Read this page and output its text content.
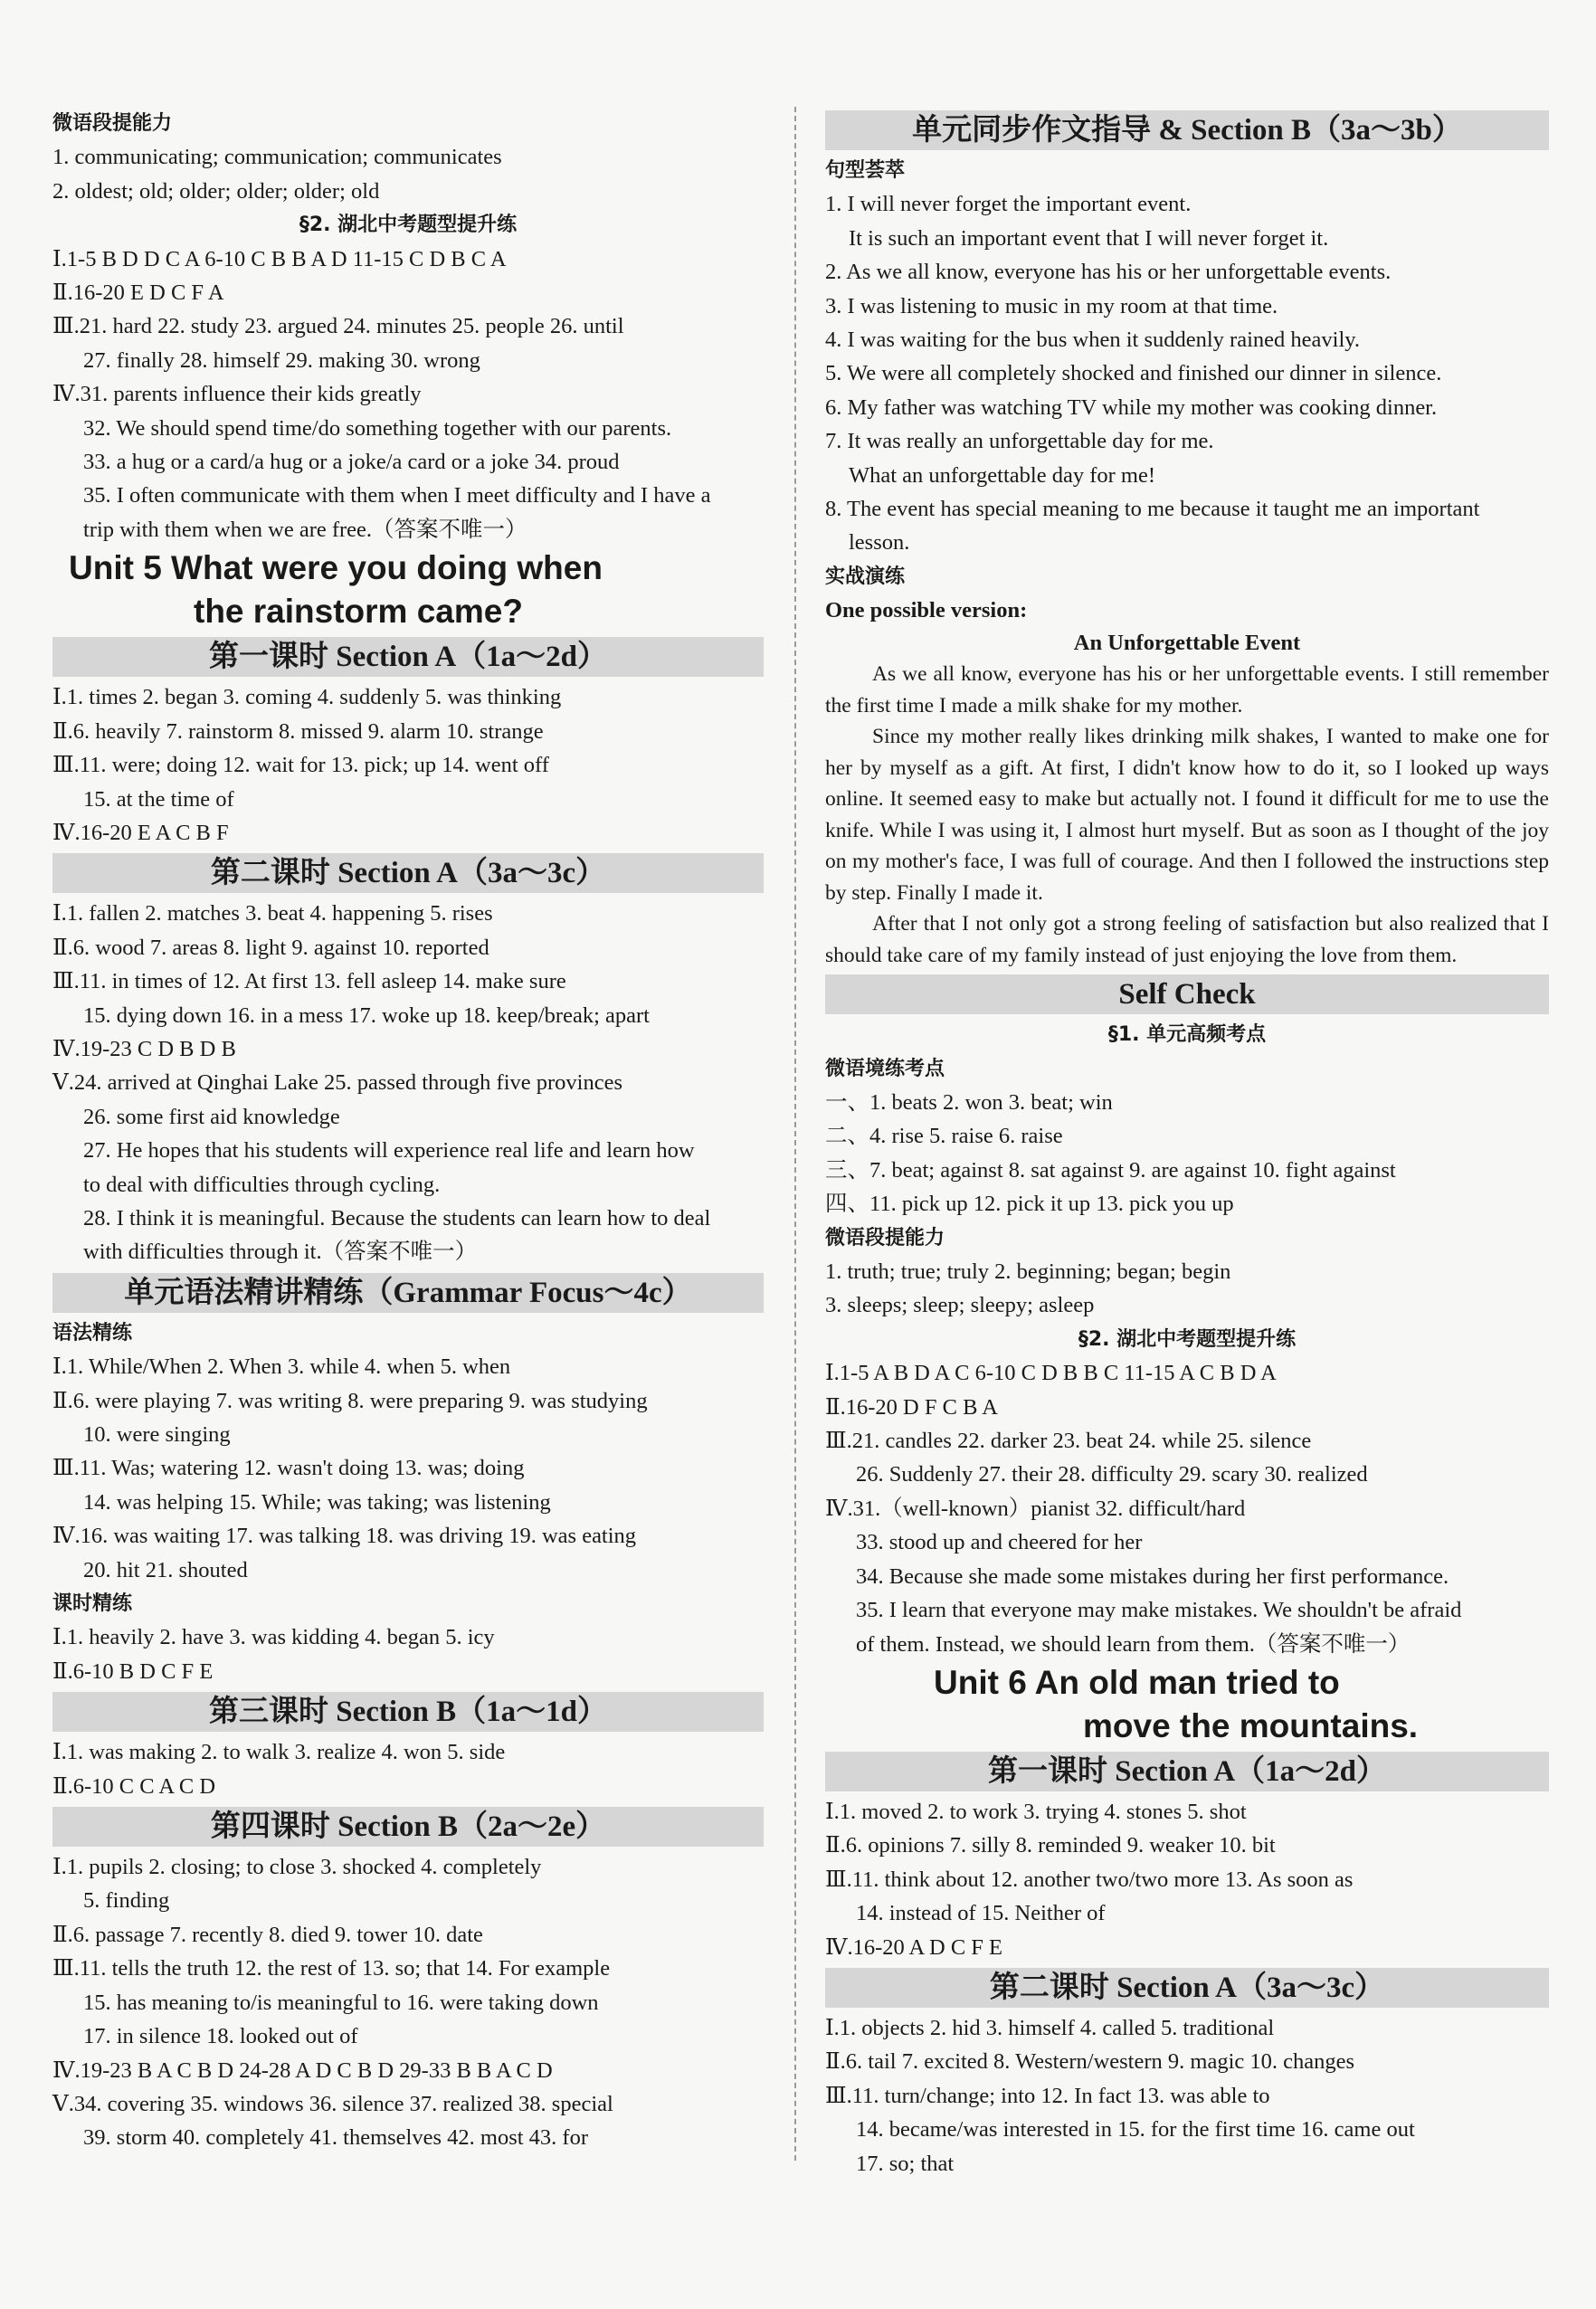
微语段提能力
1. communicating; communication; communicates
2. oldest; old; older; older; older; old
§2. 湖北中考题型提升练
Ⅰ.1-5 B D D C A 6-10 C B B A D 11-15 C D B C A
Ⅱ.16-20 E D C F A
Ⅲ.21. hard 22. study 23. argued 24. minutes 25. people 26. until
27. finally 28. himself 29. making 30. wrong
Ⅳ.31. parents influence their kids greatly
32. We should spend time/do something together with our parents.
33. a hug or a card/a hug or a joke/a card or a joke 34. proud
35. I often communicate with them when I meet difficulty and I have a
trip with them when we are free.（答案不唯一）
Unit 5 What were you doing when
the rainstorm came?
第一课时 Section A（1a～2d）
Ⅰ.1. times 2. began 3. coming 4. suddenly 5. was thinking
Ⅱ.6. heavily 7. rainstorm 8. missed 9. alarm 10. strange
Ⅲ.11. were; doing 12. wait for 13. pick; up 14. went off
15. at the time of
Ⅳ.16-20 E A C B F
第二课时 Section A（3a～3c）
Ⅰ.1. fallen 2. matches 3. beat 4. happening 5. rises
Ⅱ.6. wood 7. areas 8. light 9. against 10. reported
Ⅲ.11. in times of 12. At first 13. fell asleep 14. make sure
15. dying down 16. in a mess 17. woke up 18. keep/break; apart
Ⅳ.19-23 C D B D B
Ⅴ.24. arrived at Qinghai Lake 25. passed through five provinces
26. some first aid knowledge
27. He hopes that his students will experience real life and learn how
to deal with difficulties through cycling.
28. I think it is meaningful. Because the students can learn how to deal
with difficulties through it.（答案不唯一）
单元语法精讲精练（Grammar Focus～4c）
语法精练
Ⅰ.1. While/When 2. When 3. while 4. when 5. when
Ⅱ.6. were playing 7. was writing 8. were preparing 9. was studying
10. were singing
Ⅲ.11. Was; watering 12. wasn't doing 13. was; doing
14. was helping 15. While; was taking; was listening
Ⅳ.16. was waiting 17. was talking 18. was driving 19. was eating
20. hit 21. shouted
课时精练
Ⅰ.1. heavily 2. have 3. was kidding 4. began 5. icy
Ⅱ.6-10 B D C F E
第三课时 Section B（1a～1d）
Ⅰ.1. was making 2. to walk 3. realize 4. won 5. side
Ⅱ.6-10 C C A C D
第四课时 Section B（2a～2e）
Ⅰ.1. pupils 2. closing; to close 3. shocked 4. completely
5. finding
Ⅱ.6. passage 7. recently 8. died 9. tower 10. date
Ⅲ.11. tells the truth 12. the rest of 13. so; that 14. For example
15. has meaning to/is meaningful to 16. were taking down
17. in silence 18. looked out of
Ⅳ.19-23 B A C B D 24-28 A D C B D 29-33 B B A C D
Ⅴ.34. covering 35. windows 36. silence 37. realized 38. special
39. storm 40. completely 41. themselves 42. most 43. for
单元同步作文指导 & Section B（3a～3b）
句型荟萃
1. I will never forget the important event.
It is such an important event that I will never forget it.
2. As we all know, everyone has his or her unforgettable events.
3. I was listening to music in my room at that time.
4. I was waiting for the bus when it suddenly rained heavily.
5. We were all completely shocked and finished our dinner in silence.
6. My father was watching TV while my mother was cooking dinner.
7. It was really an unforgettable day for me.
What an unforgettable day for me!
8. The event has special meaning to me because it taught me an important
lesson.
实战演练
One possible version:
An Unforgettable Event
As we all know, everyone has his or her unforgettable events. I still remember the first time I made a milk shake for my mother.
Since my mother really likes drinking milk shakes, I wanted to make one for her by myself as a gift. At first, I didn't know how to do it, so I looked up ways online. It seemed easy to make but actually not. I found it difficult for me to use the knife. While I was using it, I almost hurt myself. But as soon as I thought of the joy on my mother's face, I was full of courage. And then I followed the instructions step by step. Finally I made it.
After that I not only got a strong feeling of satisfaction but also realized that I should take care of my family instead of just enjoying the love from them.
Self Check
§1. 单元高频考点
微语境练考点
一、1. beats 2. won 3. beat; win
二、4. rise 5. raise 6. raise
三、7. beat; against 8. sat against 9. are against 10. fight against
四、11. pick up 12. pick it up 13. pick you up
微语段提能力
1. truth; true; truly 2. beginning; began; begin
3. sleeps; sleep; sleepy; asleep
§2. 湖北中考题型提升练
Ⅰ.1-5 A B D A C 6-10 C D B B C 11-15 A C B D A
Ⅱ.16-20 D F C B A
Ⅲ.21. candles 22. darker 23. beat 24. while 25. silence
26. Suddenly 27. their 28. difficulty 29. scary 30. realized
Ⅳ.31.（well-known）pianist 32. difficult/hard
33. stood up and cheered for her
34. Because she made some mistakes during her first performance.
35. I learn that everyone may make mistakes. We shouldn't be afraid
of them. Instead, we should learn from them.（答案不唯一）
Unit 6 An old man tried to
move the mountains.
第一课时 Section A（1a～2d）
Ⅰ.1. moved 2. to work 3. trying 4. stones 5. shot
Ⅱ.6. opinions 7. silly 8. reminded 9. weaker 10. bit
Ⅲ.11. think about 12. another two/two more 13. As soon as
14. instead of 15. Neither of
Ⅳ.16-20 A D C F E
第二课时 Section A（3a～3c）
Ⅰ.1. objects 2. hid 3. himself 4. called 5. traditional
Ⅱ.6. tail 7. excited 8. Western/western 9. magic 10. changes
Ⅲ.11. turn/change; into 12. In fact 13. was able to
14. became/was interested in 15. for the first time 16. came out
17. so; that
